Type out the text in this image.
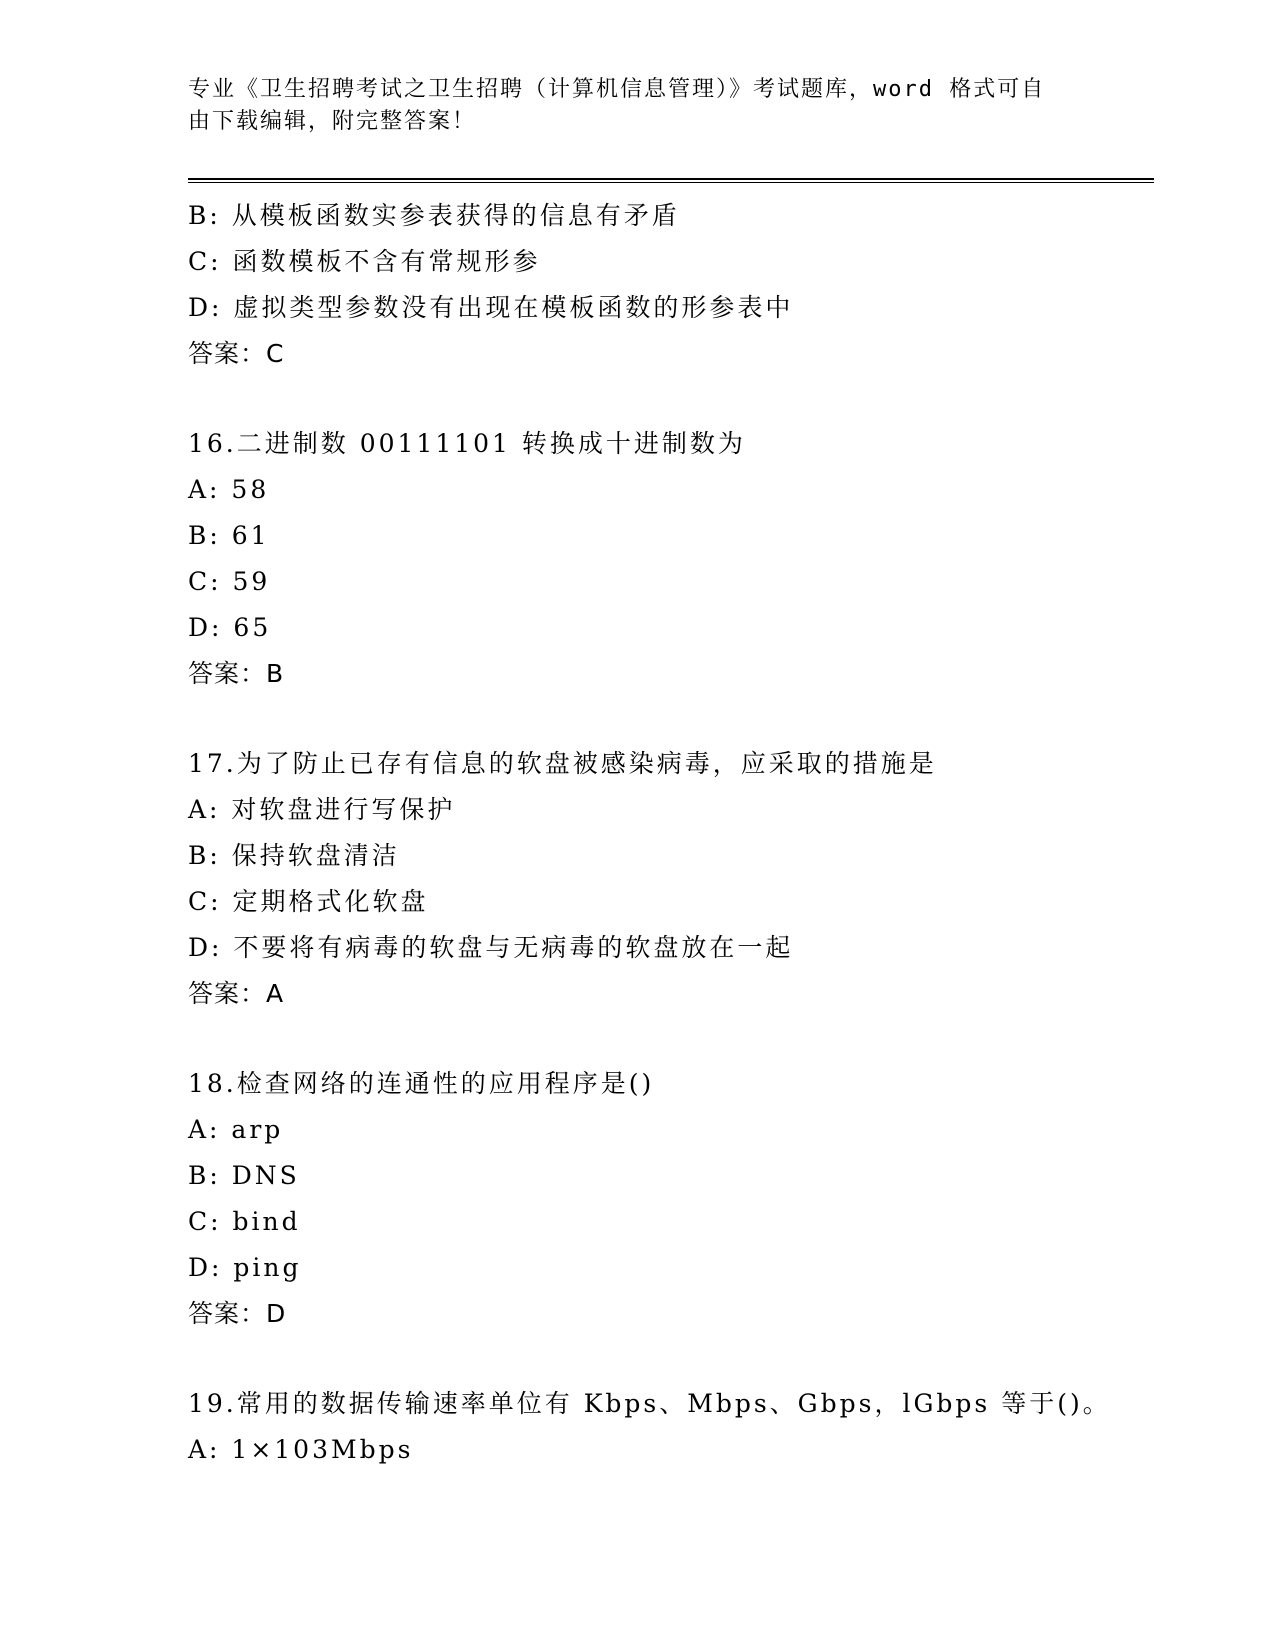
专业《卫生招聘考试之卫生招聘（计算机信息管理）》考试题库，word 格式可自
由下载编辑，附完整答案！
B: 从模板函数实参表获得的信息有矛盾
C: 函数模板不含有常规形参
D: 虚拟类型参数没有出现在模板函数的形参表中
答案：C
16.二进制数 00111101 转换成十进制数为
A: 58
B: 61
C: 59
D: 65
答案：B
17.为了防止已存有信息的软盘被感染病毒，应采取的措施是
A: 对软盘进行写保护
B: 保持软盘清洁
C: 定期格式化软盘
D: 不要将有病毒的软盘与无病毒的软盘放在一起
答案：A
18.检查网络的连通性的应用程序是()
A: arp
B: DNS
C: bind
D: ping
答案：D
19.常用的数据传输速率单位有 Kbps、Mbps、Gbps，lGbps 等于()。
A: 1×103Mbps
